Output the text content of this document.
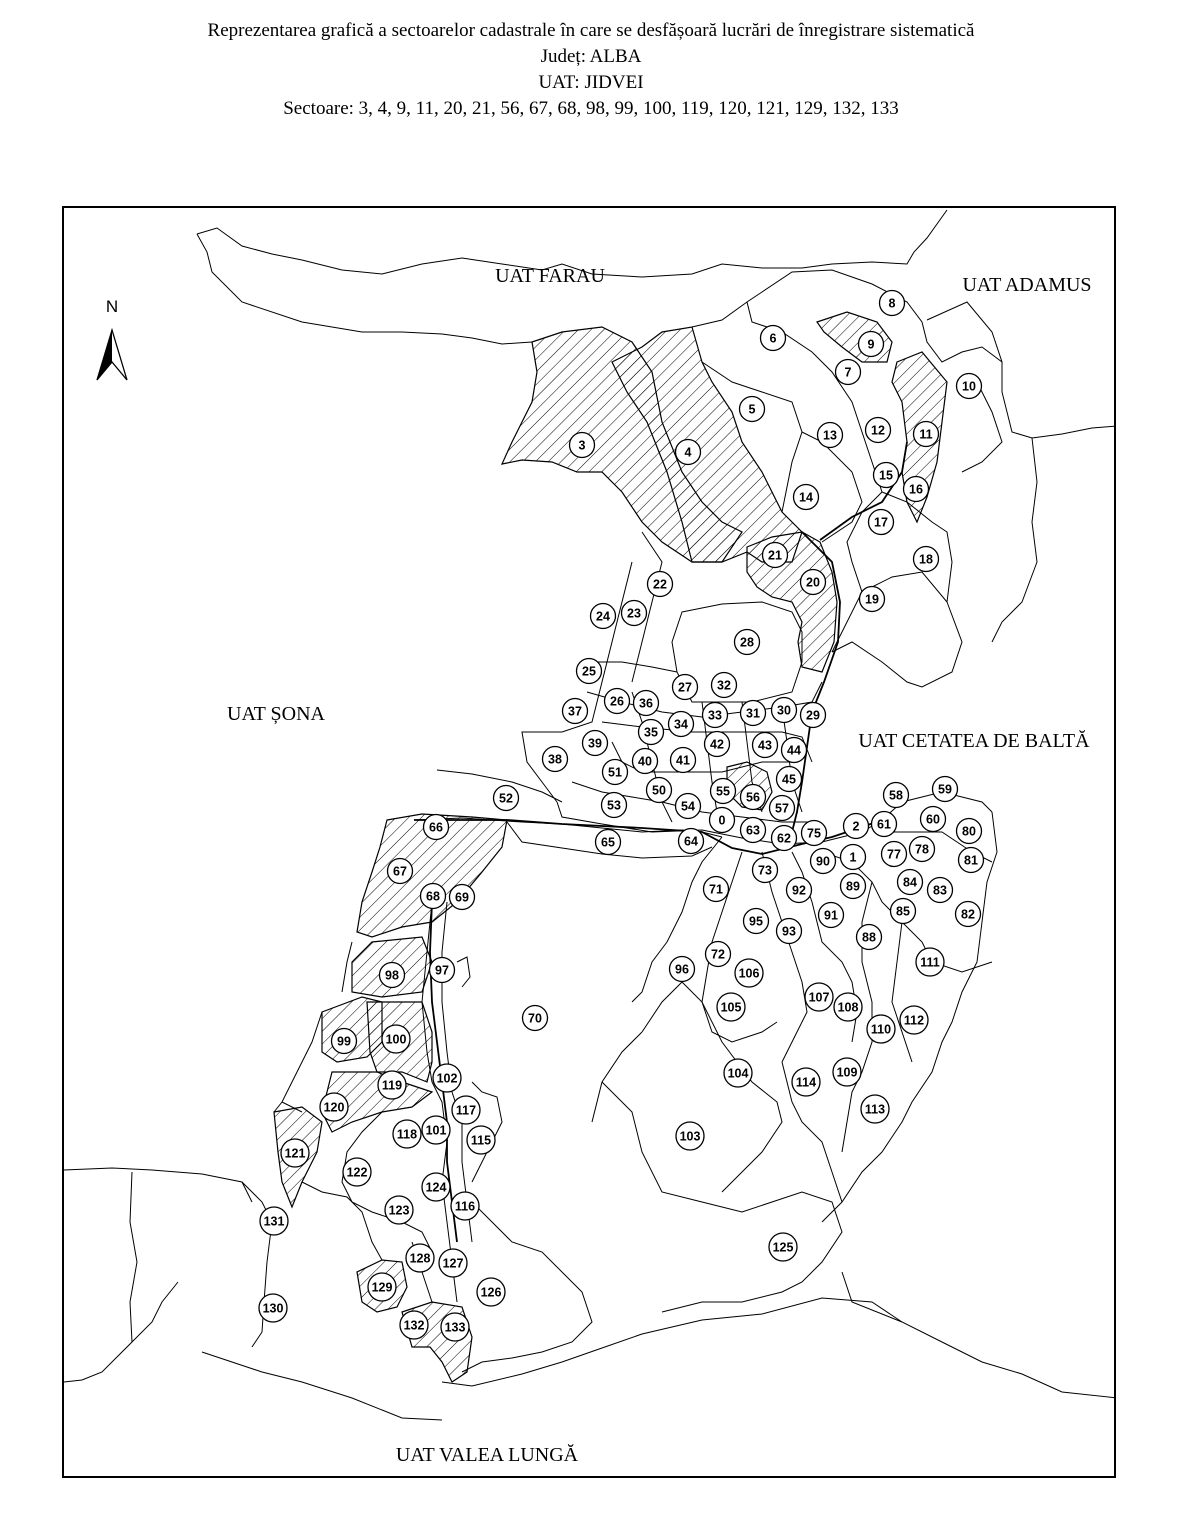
Reprezentarea grafică a sectoarelor cadastrale în care se desfășoară lucrări de înregistrare sistematică

Județ: ALBA

UAT: JIDVEI

Sectoare: 3, 4, 9, 11, 20, 21, 56, 67, 68, 98, 99, 100, 119, 120, 121, 129, 132, 133

N
UAT FARAU	UAT ADAMUS
UAT ȘONA
UAT CETATEA DE BALTĂ
UAT VALEA LUNGĂ
0
1
2
3	4
5
6
7
8
9
10
11
12
13
14
15
16
17
18
19
20
21
22
23
24
25
26
27
28
29
30
31
32
33
34
35
36
37
38
39
40 41
42	43 44
45
50
51
52	53	54
55 56
57
58	59
60
61
62
63
64
65
66
67
68 69
70
71
72
73
75
77 78
80
81
82
83
84
85
88
89
90
91
92
93
95
96
97
98
99	100
101
102
103
104
105
106
107
108
109
110
111
112
113
114
115
116
117
118
119
120
121
122
123
124
125
126
127
128
129
130
131
132 133
